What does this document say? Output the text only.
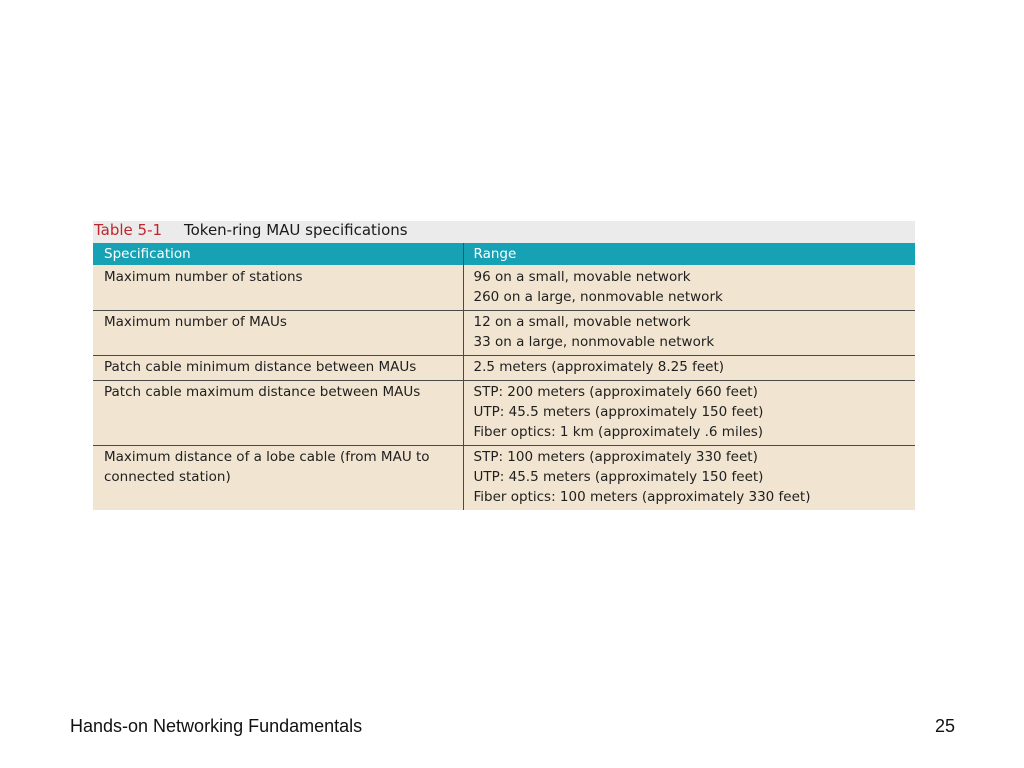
Table 5-1	Token-ring MAU specifications
Specification	Range

Maximum number of stations	96 on a small, movable network
260 on a large, nonmovable network

Maximum number of MAUs	12 on a small, movable network
33 on a large, nonmovable network

Patch cable minimum distance between MAUs	2.5 meters (approximately 8.25 feet)

Patch cable maximum distance between MAUs	STP: 200 meters (approximately 660 feet)
UTP: 45.5 meters (approximately 150 feet)
Fiber optics: 1 km (approximately .6 miles)

Maximum distance of a lobe cable (from MAU to connected station)	STP: 100 meters (approximately 330 feet)
UTP: 45.5 meters (approximately 150 feet)
Fiber optics: 100 meters (approximately 330 feet)
Hands-on Networking Fundamentals	25
